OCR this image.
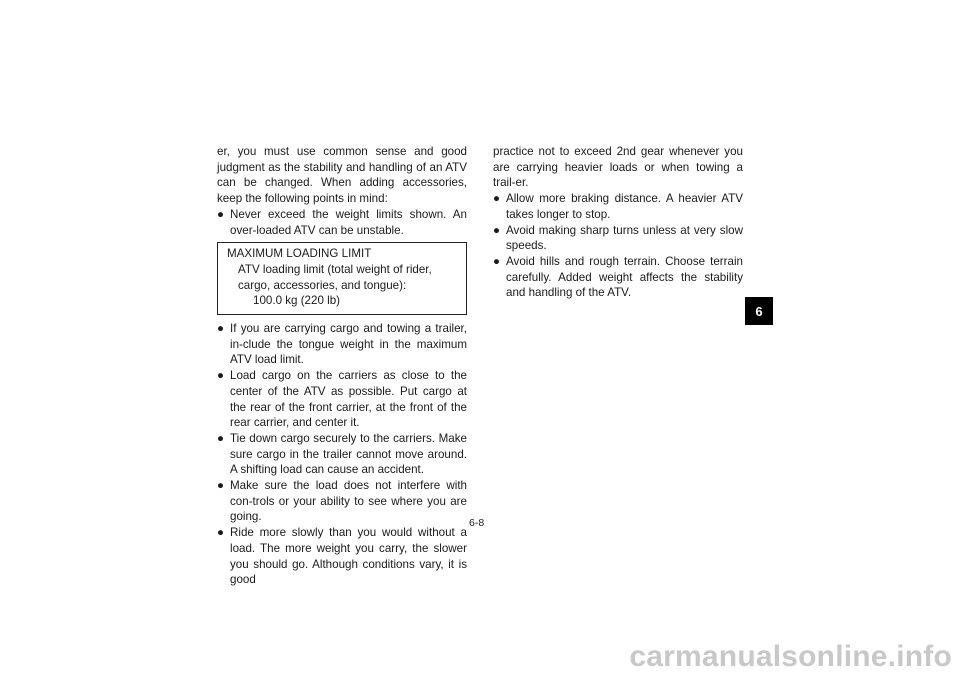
er, you must use common sense and good judgment as the stability and handling of an ATV can be changed. When adding accessories, keep the following points in mind:
● Never exceed the weight limits shown. An over-loaded ATV can be unstable.
MAXIMUM LOADING LIMIT
ATV loading limit (total weight of rider, cargo, accessories, and tongue):
100.0 kg (220 lb)
● If you are carrying cargo and towing a trailer, in-clude the tongue weight in the maximum ATV load limit.
● Load cargo on the carriers as close to the center of the ATV as possible. Put cargo at the rear of the front carrier, at the front of the rear carrier, and center it.
● Tie down cargo securely to the carriers. Make sure cargo in the trailer cannot move around. A shifting load can cause an accident.
● Make sure the load does not interfere with con-trols or your ability to see where you are going.
● Ride more slowly than you would without a load. The more weight you carry, the slower you should go. Although conditions vary, it is good
practice not to exceed 2nd gear whenever you are carrying heavier loads or when towing a trail-er.
● Allow more braking distance. A heavier ATV takes longer to stop.
● Avoid making sharp turns unless at very slow speeds.
● Avoid hills and rough terrain. Choose terrain carefully. Added weight affects the stability and handling of the ATV.
6
6-8
carmanualsonline.info
